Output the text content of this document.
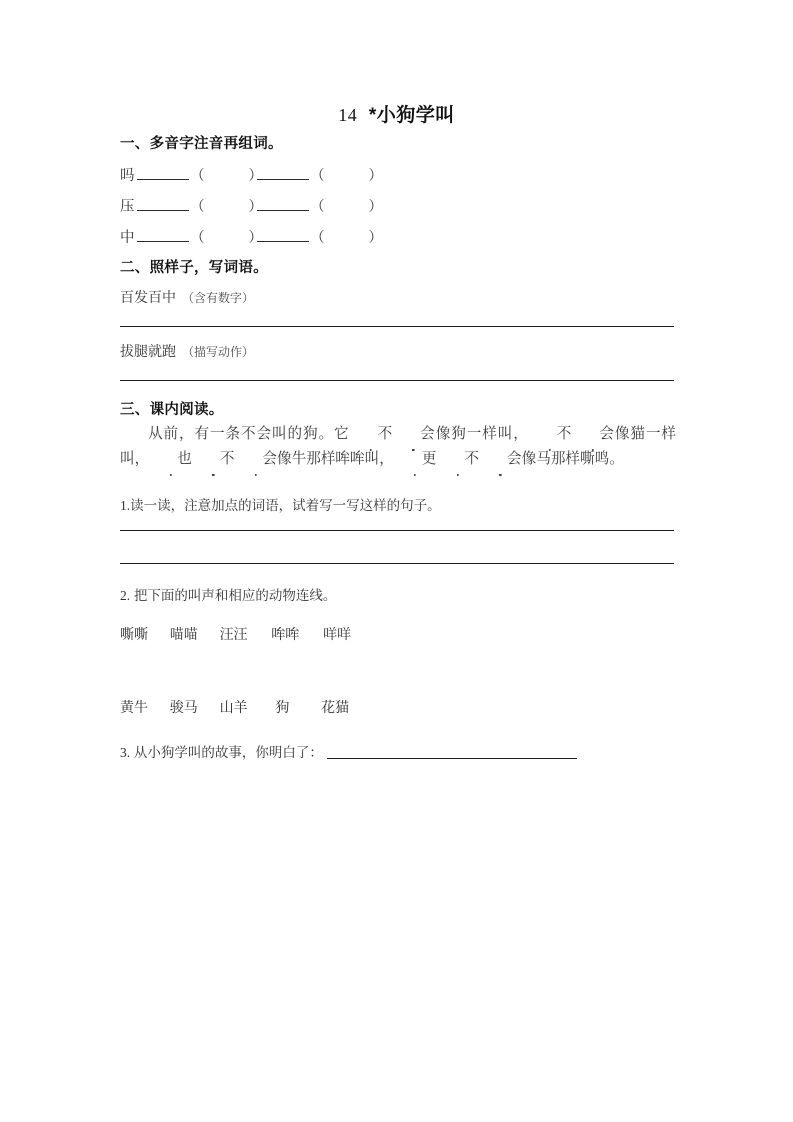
14 *小狗学叫
一、多音字注音再组词。
吗	（	）	（	）
压	（	）	（	）
中	（	）	（	）
二、照样子，写词语。
百发百中 （含有数字）
拔腿就跑 （描写动作）
三、课内阅读。
从前，有一条不会叫的狗。它 不 会像狗一样叫， 不 会像猫一样叫， 也 不 会像牛那样哞哞叫， 更 不 会像马那样嘶鸣。
1.读一读，注意加点的词语，试着写一写这样的句子。
2. 把下面的叫声和相应的动物连线。
嘶嘶 喵喵 汪汪 哞哞 咩咩
黄牛 骏马 山羊 狗 花猫
3. 从小狗学叫的故事，你明白了：
